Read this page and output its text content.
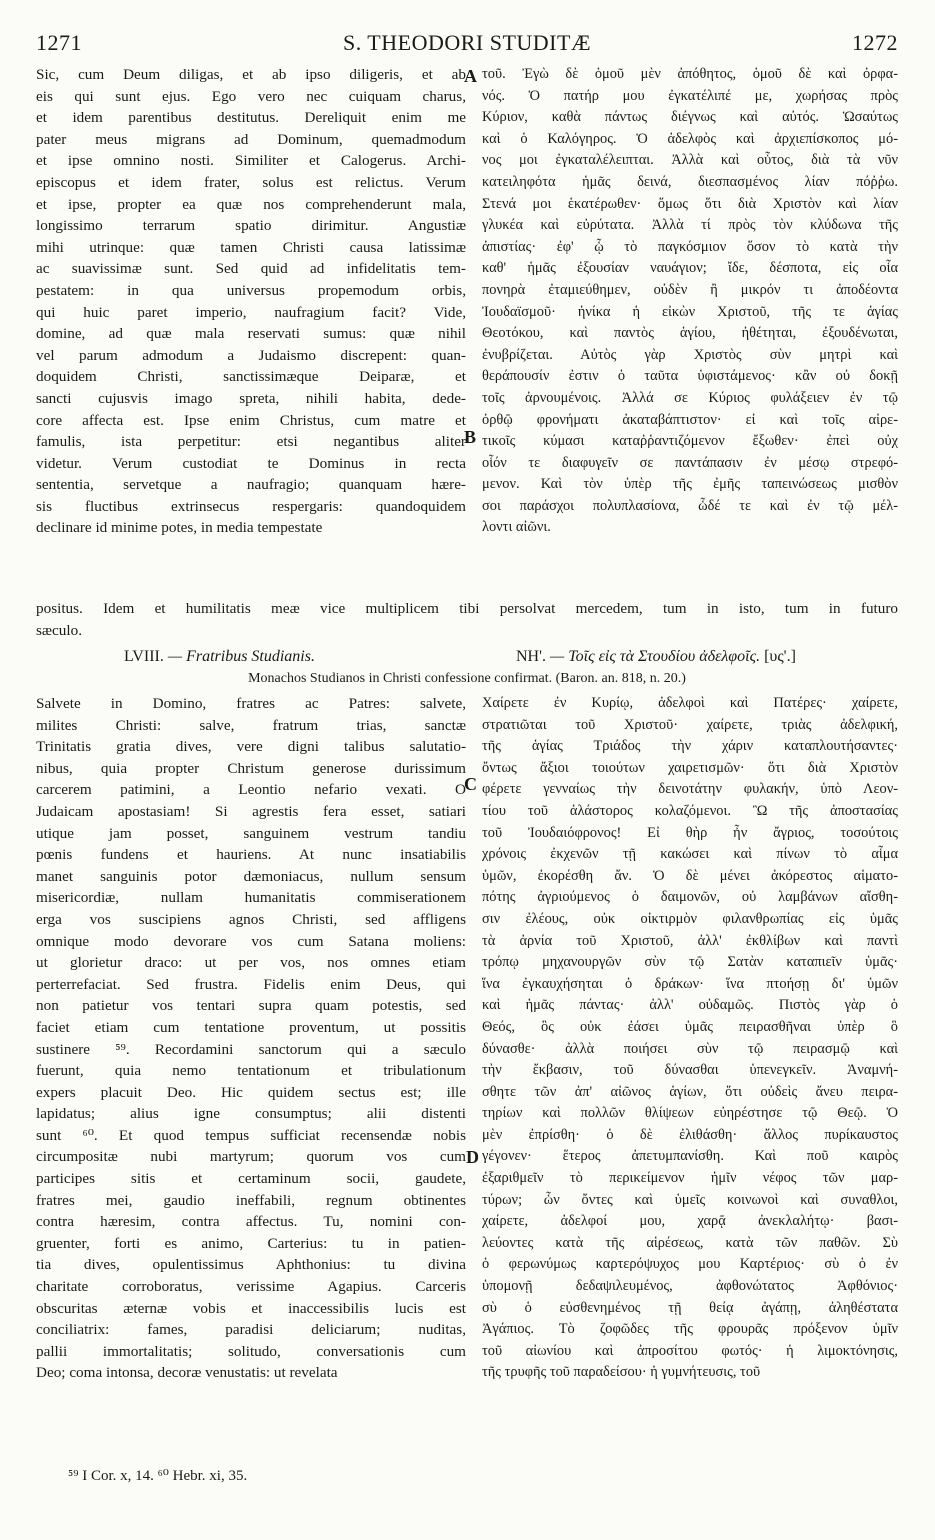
1271	S. THEODORI STUDITÆ	1272
Sic, cum Deum diligas, et ab ipso diligeris, et ab
eis qui sunt ejus. Ego vero nec cuiquam charus,
et idem parentibus destitutus. Dereliquit enim me
pater meus migrans ad Dominum, quemadmodum
et ipse omnino nosti. Similiter et Calogerus. Archi-
episcopus et idem frater, solus est relictus. Verum
et ipse, propter ea quæ nos comprehenderunt mala,
longissimo terrarum spatio dirimitur. Angustiæ
mihi utrinque: quæ tamen Christi causa latissimæ
ac suavissimæ sunt. Sed quid ad infidelitatis tem-
pestatem: in qua universus propemodum orbis,
qui huic paret imperio, naufragium facit? Vide,
domine, ad quæ mala reservati sumus: quæ nihil
vel parum admodum a Judaismo discrepent: quan-
doquidem Christi, sanctissimæque Deiparæ, et
sancti cujusvis imago spreta, nihili habita, dede-
core affecta est. Ipse enim Christus, cum matre et
famulis, ista perpetitur: etsi negantibus aliter
videtur. Verum custodiat te Dominus in recta
sententia, servetque a naufragio; quanquam hære-
sis fluctibus extrinsecus respergaris: quandoquidem
declinare id minime potes, in media tempestate
τοῦ. Ἐγὼ δὲ ὁμοῦ μὲν ἀπόθητος, ὁμοῦ δὲ καὶ ὀρφα-
νός. Ὁ πατήρ μου ἐγκατέλιπέ με, χωρήσας πρὸς
Κύριον, καθὰ πάντως διέγνως καὶ αὐτός. Ὡσαύτως
καὶ ὁ Καλόγηρος. Ὁ ἀδελφὸς καὶ ἀρχιεπίσκοπος μό-
νος μοι ἐγκαταλέλειπται. Ἀλλὰ καὶ οὗτος, διὰ τὰ νῦν
κατειληφότα ἡμᾶς δεινά, διεσπασμένος λίαν πόῤῥω.
Στενά μοι ἑκατέρωθεν· ὅμως ὅτι διὰ Χριστὸν καὶ λίαν
γλυκέα καὶ εὐρύτατα. Ἀλλὰ τί πρὸς τὸν κλύδωνα τῆς
ἀπιστίας· ἐφ' ᾧ τὸ παγκόσμιον ὅσον τὸ κατὰ τὴν
καθ' ἡμᾶς ἐξουσίαν ναυάγιον; ἴδε, δέσποτα, εἰς οἷα
πονηρὰ ἐταμιεύθημεν, οὐδὲν ἢ μικρόν τι ἀποδέοντα
Ἰουδαϊσμοῦ· ἡνίκα ἡ εἰκὼν Χριστοῦ, τῆς τε ἁγίας
Θεοτόκου, καὶ παντὸς ἁγίου, ἠθέτηται, ἐξουδένωται,
ἐνυβρίζεται. Αὐτὸς γὰρ Χριστὸς σὺν μητρὶ καὶ
θεράπουσίν ἐστιν ὁ ταῦτα ὑφιστάμενος· κἂν οὐ δοκῇ
τοῖς ἀρνουμένοις. Ἀλλά σε Κύριος φυλάξειεν ἐν τῷ
ὀρθῷ φρονήματι ἀκαταβάπτιστον· εἰ καὶ τοῖς αἱρε-
τικοῖς κύμασι καταῤῥαντιζόμενον ἔξωθεν· ἐπεὶ οὐχ
οἷόν τε διαφυγεῖν σε παντάπασιν ἐν μέσῳ στρεφό-
μενον. Καὶ τὸν ὑπὲρ τῆς ἐμῆς ταπεινώσεως μισθὸν
σοι παράσχοι πολυπλασίονα, ὧδέ τε καὶ ἐν τῷ μέλ-
λοντι αἰῶνι.
positus. Idem et humilitatis meæ vice multiplicem tibi persolvat mercedem, tum in isto, tum in futuro
sæculo.
A
B
C
D
LVIII. — Fratribus Studianis.	ΝΗ'. — Τοῖς εἰς τὰ Στουδίου ἀδελφοῖς. [υς'.]
Monachos Studianos in Christi confessione confirmat. (Baron. an. 818, n. 20.)
Salvete in Domino, fratres ac Patres: salvete,
milites Christi: salve, fratrum trias, sanctæ
Trinitatis gratia dives, vere digni talibus salutatio-
nibus, quia propter Christum generose durissimum
carcerem patimini, a Leontio nefario vexati. O
Judaicam apostasiam! Si agrestis fera esset, satiari
utique jam posset, sanguinem vestrum tandiu
pœnis fundens et hauriens. At nunc insatiabilis
manet sanguinis potor dæmoniacus, nullum sensum
misericordiæ, nullam humanitatis commiserationem
erga vos suscipiens agnos Christi, sed affligens
omnique modo devorare vos cum Satana moliens:
ut glorietur draco: ut per vos, nos omnes etiam
perterrefaciat. Sed frustra. Fidelis enim Deus, qui
non patietur vos tentari supra quam potestis, sed
faciet etiam cum tentatione proventum, ut possitis
sustinere ⁵⁹. Recordamini sanctorum qui a sæculo
fuerunt, quia nemo tentationum et tribulationum
expers placuit Deo. Hic quidem sectus est; ille
lapidatus; alius igne consumptus; alii distenti
sunt ⁶⁰. Et quod tempus sufficiat recensendæ nobis
circumpositæ nubi martyrum; quorum vos cum
participes sitis et certaminum socii, gaudete,
fratres mei, gaudio ineffabili, regnum obtinentes
contra hæresim, contra affectus. Tu, nomini con-
gruenter, forti es animo, Carterius: tu in patien-
tia dives, opulentissimus Aphthonius: tu divina
charitate corroboratus, verissime Agapius. Carceris
obscuritas æternæ vobis et inaccessibilis lucis est
conciliatrix: fames, paradisi deliciarum; nuditas,
pallii immortalitatis; solitudo, conversationis cum
Deo; coma intonsa, decoræ venustatis: ut revelata
Χαίρετε ἐν Κυρίῳ, ἀδελφοὶ καὶ Πατέρες· χαίρετε,
στρατιῶται τοῦ Χριστοῦ· χαίρετε, τριὰς ἀδελφική,
τῆς ἁγίας Τριάδος τὴν χάριν καταπλουτήσαντες·
ὄντως ἄξιοι τοιούτων χαιρετισμῶν· ὅτι διὰ Χριστὸν
φέρετε γενναίως τὴν δεινοτάτην φυλακήν, ὑπὸ Λεον-
τίου τοῦ ἀλάστορος κολαζόμενοι. Ὢ τῆς ἀποστασίας
τοῦ Ἰουδαιόφρονος! Εἰ θὴρ ἦν ἄγριος, τοσούτοις
χρόνοις ἐκχενῶν τῇ κακώσει καὶ πίνων τὸ αἷμα
ὑμῶν, ἐκορέσθη ἄν. Ὁ δὲ μένει ἀκόρεστος αἱματο-
πότης ἀγριούμενος ὁ δαιμονῶν, οὐ λαμβάνων αἴσθη-
σιν ἐλέους, οὐκ οἰκτιρμὸν φιλανθρωπίας εἰς ὑμᾶς
τὰ ἀρνία τοῦ Χριστοῦ, ἀλλ' ἐκθλίβων καὶ παντὶ
τρόπῳ μηχανουργῶν σὺν τῷ Σατὰν καταπιεῖν ὑμᾶς·
ἵνα ἐγκαυχήσηται ὁ δράκων· ἵνα πτοήσῃ δι' ὑμῶν
καὶ ἡμᾶς πάντας· ἀλλ' οὐδαμῶς. Πιστὸς γὰρ ὁ
Θεός, ὃς οὐκ ἐάσει ὑμᾶς πειρασθῆναι ὑπὲρ ὃ
δύνασθε· ἀλλὰ ποιήσει σὺν τῷ πειρασμῷ καὶ
τὴν ἔκβασιν, τοῦ δύνασθαι ὑπενεγκεῖν. Ἀναμνή-
σθητε τῶν ἀπ' αἰῶνος ἁγίων, ὅτι οὐδεὶς ἄνευ πειρα-
τηρίων καὶ πολλῶν θλίψεων εὐηρέστησε τῷ Θεῷ. Ὁ
μὲν ἐπρίσθη· ὁ δὲ ἐλιθάσθη· ἄλλος πυρίκαυστος
γέγονεν· ἕτερος ἀπετυμπανίσθη. Καὶ ποῦ καιρὸς
ἐξαριθμεῖν τὸ περικείμενον ἡμῖν νέφος τῶν μαρ-
τύρων; ὧν ὄντες καὶ ὑμεῖς κοινωνοὶ καὶ συναθλοι,
χαίρετε, ἀδελφοί μου, χαρᾷ ἀνεκλαλήτῳ· βασι-
λεύοντες κατὰ τῆς αἱρέσεως, κατὰ τῶν παθῶν. Σὺ
ὁ φερωνύμως καρτερόψυχος μου Καρτέριος· σὺ ὁ ἐν
ὑπομονῇ δεδαψιλευμένος, ἀφθονώτατος Ἀφθόνιος·
σὺ ὁ εὐσθενημένος τῇ θείᾳ ἀγάπῃ, ἀληθέστατα
Ἀγάπιος. Τὸ ζοφῶδες τῆς φρουρᾶς πρόξενον ὑμῖν
τοῦ αἰωνίου καὶ ἀπροσίτου φωτός· ἡ λιμοκτόνησις,
τῆς τρυφῆς τοῦ παραδείσου· ἡ γυμνήτευσις, τοῦ
⁵⁹ I Cor. x, 14. ⁶⁰ Hebr. xi, 35.
